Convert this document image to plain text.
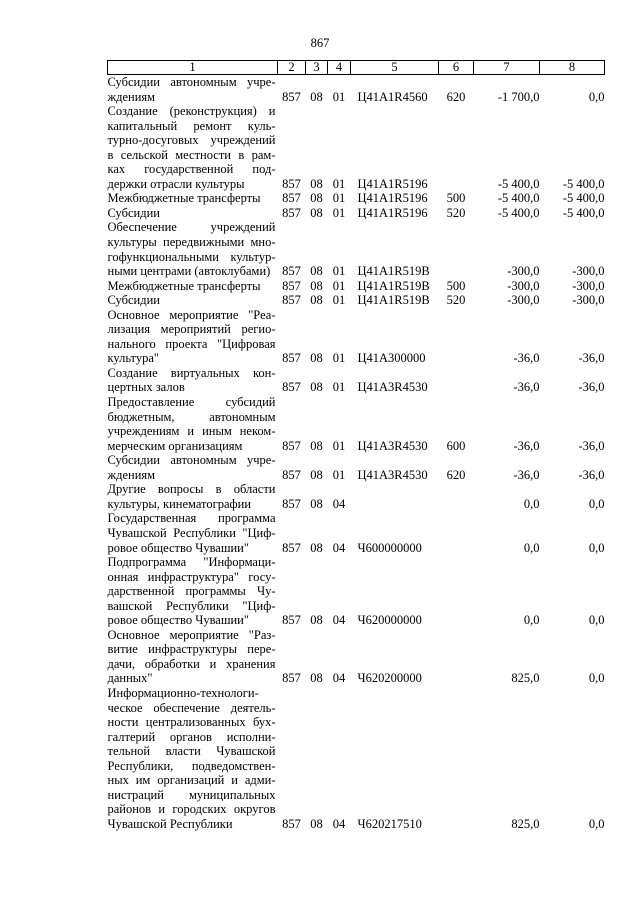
867
1	2	3	4	5	6	7	8
Субсидии автономным учре- ждениям	857	08	01	Ц41A1R4560	620	-1 700,0	0,0
Создание (реконструкция) и капитальный ремонт куль-турно-досуговых учреждений в сельской местности в рам-ках государственной под-держки отрасли культуры	857	08	01	Ц41A1R5196		-5 400,0	-5 400,0
Межбюджетные трансферты	857	08	01	Ц41A1R5196	500	-5 400,0	-5 400,0
Субсидии	857	08	01	Ц41A1R5196	520	-5 400,0	-5 400,0
Обеспечение учреждений культуры передвижными мно-гофункциональными культур-ными центрами (автоклубами)	857	08	01	Ц41A1R519В		-300,0	-300,0
Межбюджетные трансферты	857	08	01	Ц41A1R519В	500	-300,0	-300,0
Субсидии	857	08	01	Ц41A1R519В	520	-300,0	-300,0
Основное мероприятие "Реа-лизация мероприятий регио-нального проекта "Цифровая культура"	857	08	01	Ц41A300000		-36,0	-36,0
Создание виртуальных кон-цертных залов	857	08	01	Ц41A3R4530		-36,0	-36,0
Предоставление субсидий бюджетным, автономным учреждениям и иным неком-мерческим организациям	857	08	01	Ц41A3R4530	600	-36,0	-36,0
Субсидии автономным учре-ждениям	857	08	01	Ц41A3R4530	620	-36,0	-36,0
Другие вопросы в области культуры, кинематографии	857	08	04			0,0	0,0
Государственная программа Чувашской Республики "Циф-ровое общество Чувашии"	857	08	04	Ч600000000		0,0	0,0
Подпрограмма "Информаци-онная инфраструктура" госу-дарственной программы Чу-вашской Республики "Циф-ровое общество Чувашии"	857	08	04	Ч620000000		0,0	0,0
Основное мероприятие "Раз-витие инфраструктуры пере-дачи, обработки и хранения данных"	857	08	04	Ч620200000		825,0	0,0
Информационно-технологи-ческое обеспечение деятель-ности централизованных бух-галтерий органов исполни-тельной власти Чувашской Республики, подведомствен-ных им организаций и адми-нистраций муниципальных районов и городских округов Чувашской Республики	857	08	04	Ч620217510		825,0	0,0
